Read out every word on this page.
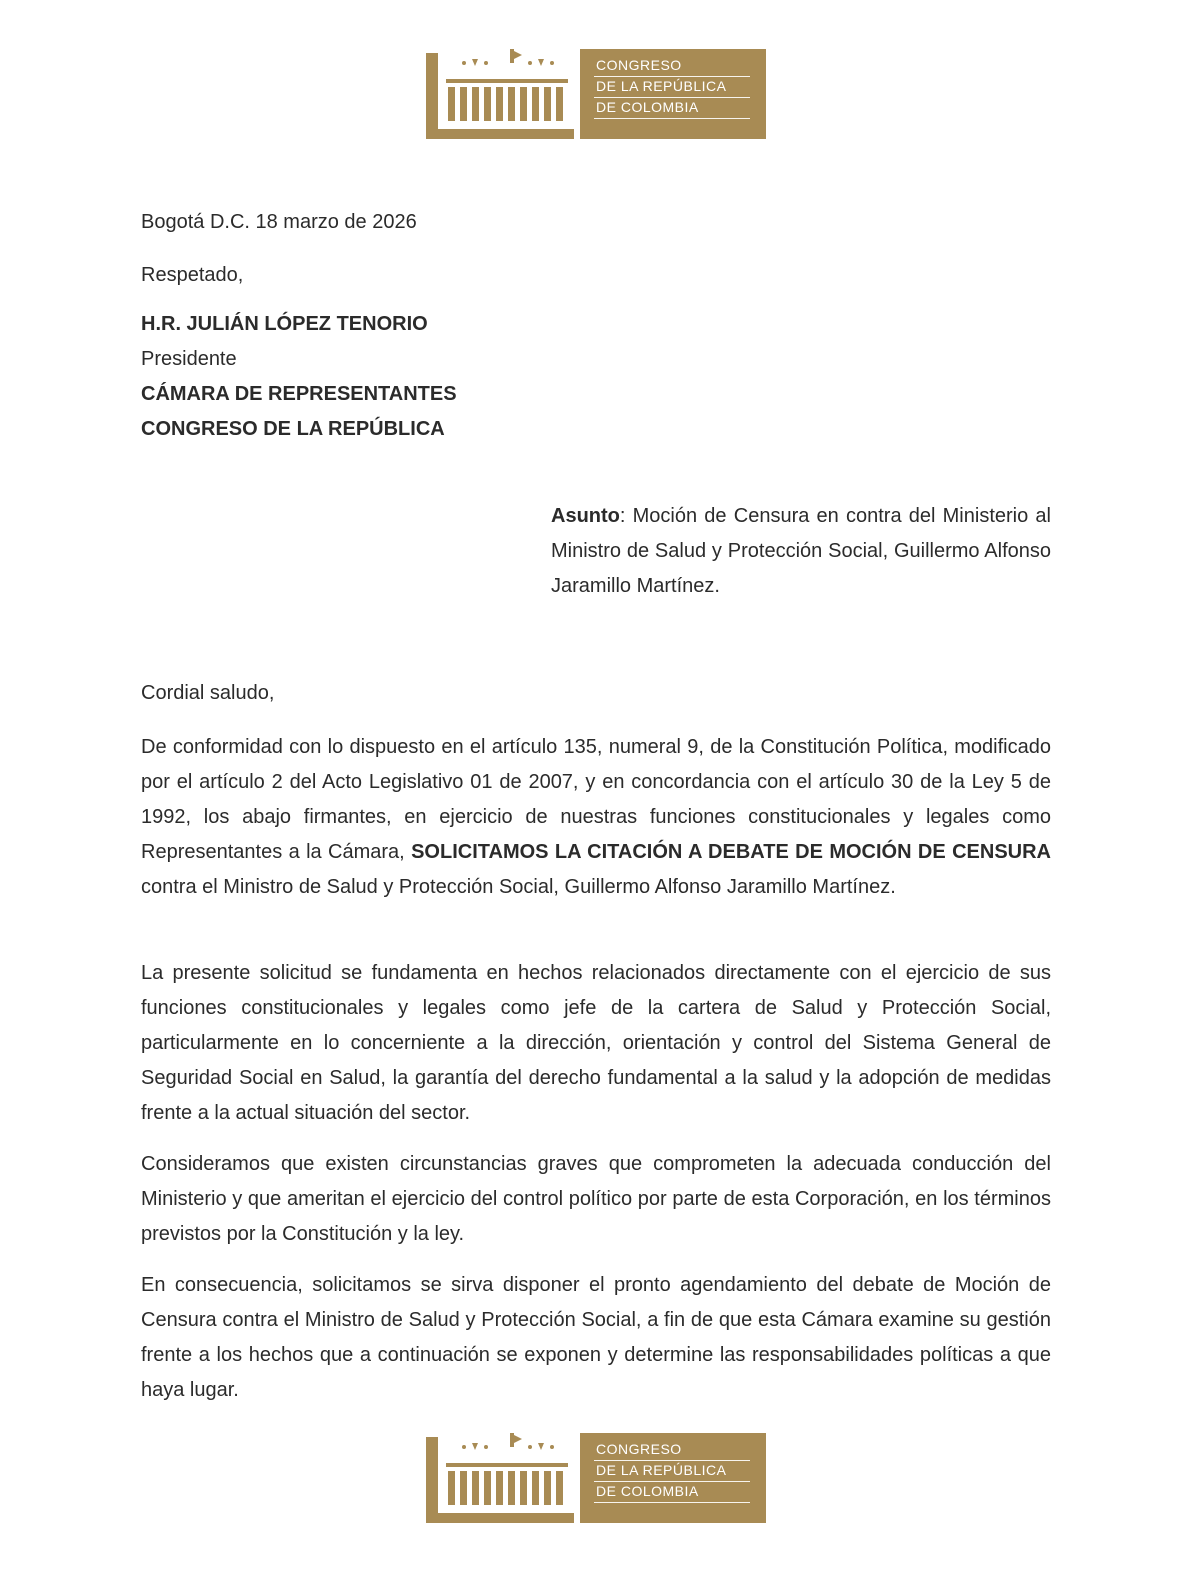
CONGRESO
DE LA REPÚBLICA
DE COLOMBIA

Bogotá D.C. 18 marzo de 2026

Respetado,

H.R. JULIÁN LÓPEZ TENORIO
Presidente
CÁMARA DE REPRESENTANTES
CONGRESO DE LA REPÚBLICA
Asunto: Moción de Censura en contra del Ministerio al Ministro de Salud y Protección Social, Guillermo Alfonso Jaramillo Martínez.

Cordial saludo,

De conformidad con lo dispuesto en el artículo 135, numeral 9, de la Constitución Política, modificado por el artículo 2 del Acto Legislativo 01 de 2007, y en concordancia con el artículo 30 de la Ley 5 de 1992, los abajo firmantes, en ejercicio de nuestras funciones constitucionales y legales como Representantes a la Cámara, SOLICITAMOS LA CITACIÓN A DEBATE DE MOCIÓN DE CENSURA contra el Ministro de Salud y Protección Social, Guillermo Alfonso Jaramillo Martínez.

La presente solicitud se fundamenta en hechos relacionados directamente con el ejercicio de sus funciones constitucionales y legales como jefe de la cartera de Salud y Protección Social, particularmente en lo concerniente a la dirección, orientación y control del Sistema General de Seguridad Social en Salud, la garantía del derecho fundamental a la salud y la adopción de medidas frente a la actual situación del sector.

Consideramos que existen circunstancias graves que comprometen la adecuada conducción del Ministerio y que ameritan el ejercicio del control político por parte de esta Corporación, en los términos previstos por la Constitución y la ley.

En consecuencia, solicitamos se sirva disponer el pronto agendamiento del debate de Moción de Censura contra el Ministro de Salud y Protección Social, a fin de que esta Cámara examine su gestión frente a los hechos que a continuación se exponen y determine las responsabilidades políticas a que haya lugar.

CONGRESO
DE LA REPÚBLICA
DE COLOMBIA
